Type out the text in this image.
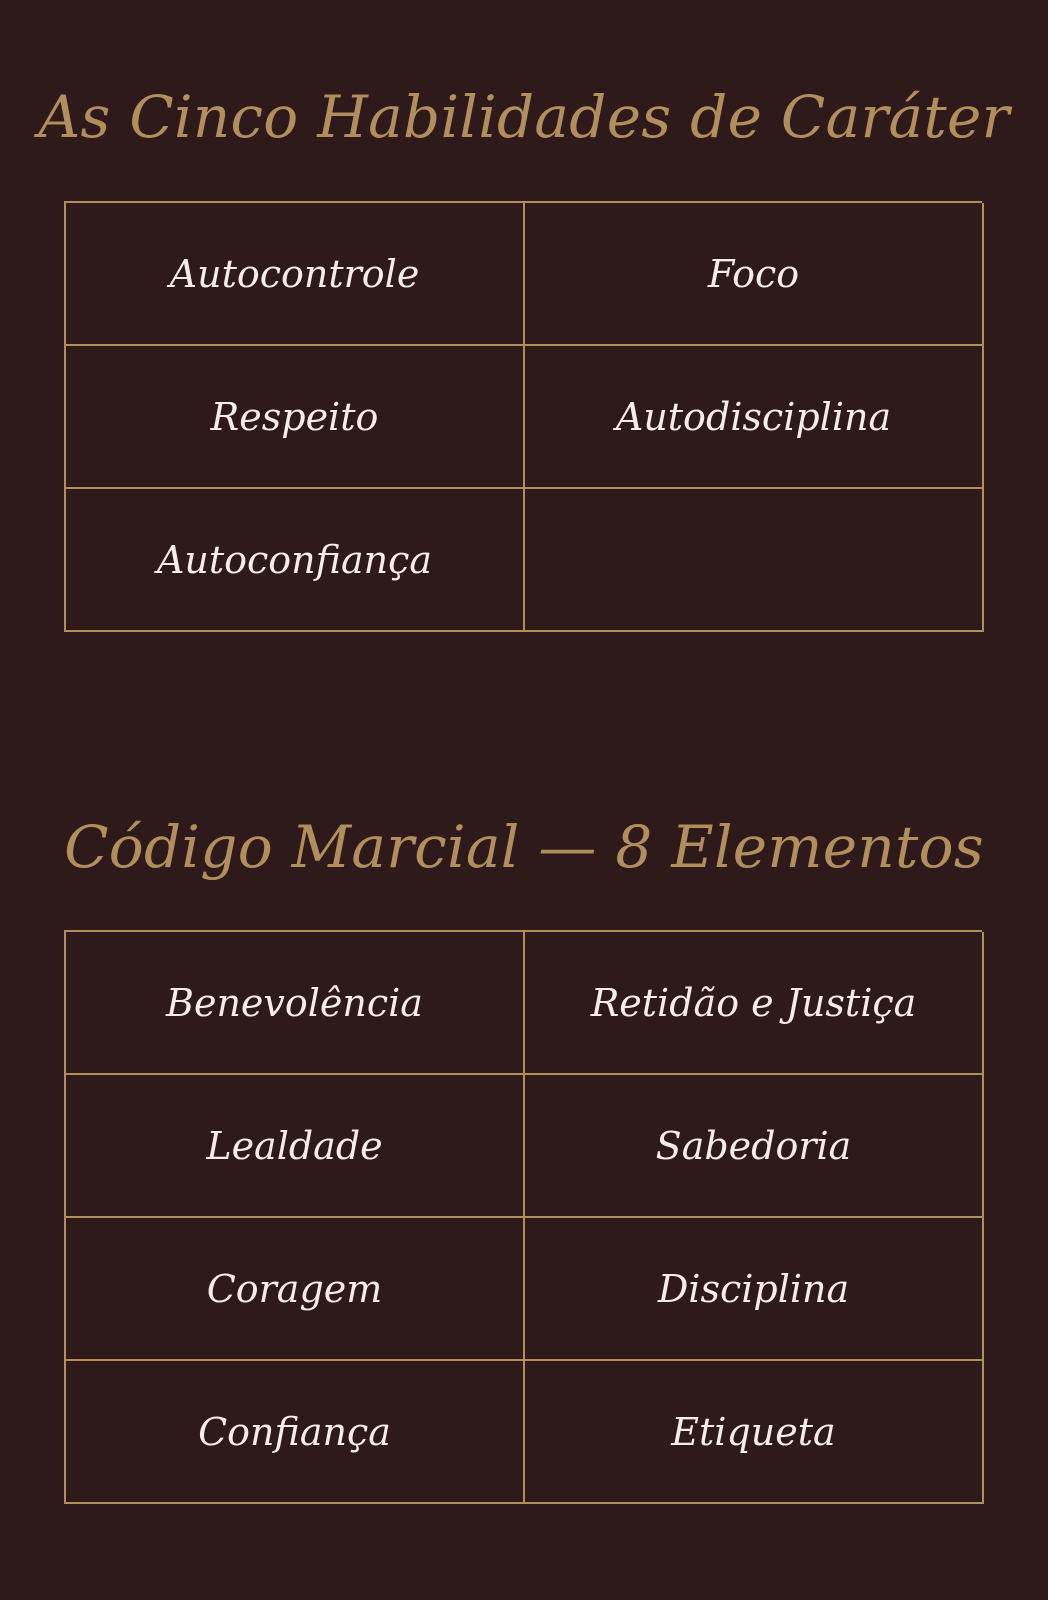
As Cinco Habilidades de Caráter
Autocontrole	Foco
Respeito	Autodisciplina
Autoconfiança
Código Marcial — 8 Elementos
Benevolência	Retidão e Justiça
Lealdade	Sabedoria
Coragem	Disciplina
Confiança	Etiqueta
